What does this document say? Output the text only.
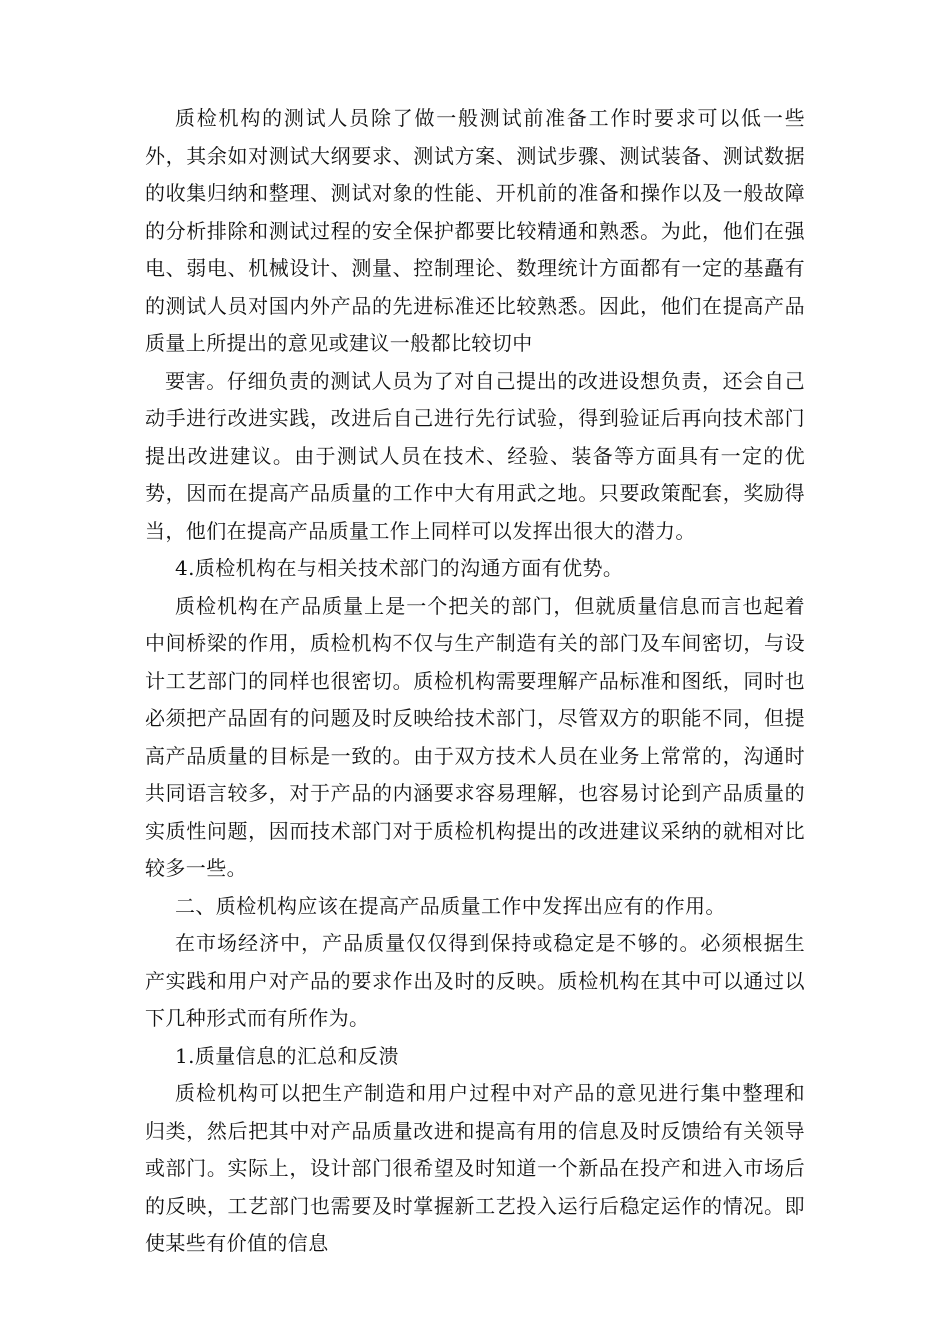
质检机构的测试人员除了做一般测试前准备工作时要求可以低一些外，其余如对测试大纲要求、测试方案、测试步骤、测试装备、测试数据的收集归纳和整理、测试对象的性能、开机前的准备和操作以及一般故障的分析排除和测试过程的安全保护都要比较精通和熟悉。为此，他们在强电、弱电、机械设计、测量、控制理论、数理统计方面都有一定的基矗有的测试人员对国内外产品的先进标准还比较熟悉。因此，他们在提高产品质量上所提出的意见或建议一般都比较切中

要害。仔细负责的测试人员为了对自己提出的改进设想负责，还会自己动手进行改进实践，改进后自己进行先行试验，得到验证后再向技术部门提出改进建议。由于测试人员在技术、经验、装备等方面具有一定的优势，因而在提高产品质量的工作中大有用武之地。只要政策配套，奖励得当，他们在提高产品质量工作上同样可以发挥出很大的潜力。

4.质检机构在与相关技术部门的沟通方面有优势。

质检机构在产品质量上是一个把关的部门，但就质量信息而言也起着中间桥梁的作用，质检机构不仅与生产制造有关的部门及车间密切，与设计工艺部门的同样也很密切。质检机构需要理解产品标准和图纸，同时也必须把产品固有的问题及时反映给技术部门，尽管双方的职能不同，但提高产品质量的目标是一致的。由于双方技术人员在业务上常常的，沟通时共同语言较多，对于产品的内涵要求容易理解，也容易讨论到产品质量的实质性问题，因而技术部门对于质检机构提出的改进建议采纳的就相对比较多一些。

二、质检机构应该在提高产品质量工作中发挥出应有的作用。

在市场经济中，产品质量仅仅得到保持或稳定是不够的。必须根据生产实践和用户对产品的要求作出及时的反映。质检机构在其中可以通过以下几种形式而有所作为。

1.质量信息的汇总和反溃

质检机构可以把生产制造和用户过程中对产品的意见进行集中整理和归类，然后把其中对产品质量改进和提高有用的信息及时反馈给有关领导或部门。实际上，设计部门很希望及时知道一个新品在投产和进入市场后的反映，工艺部门也需要及时掌握新工艺投入运行后稳定运作的情况。即使某些有价值的信息
